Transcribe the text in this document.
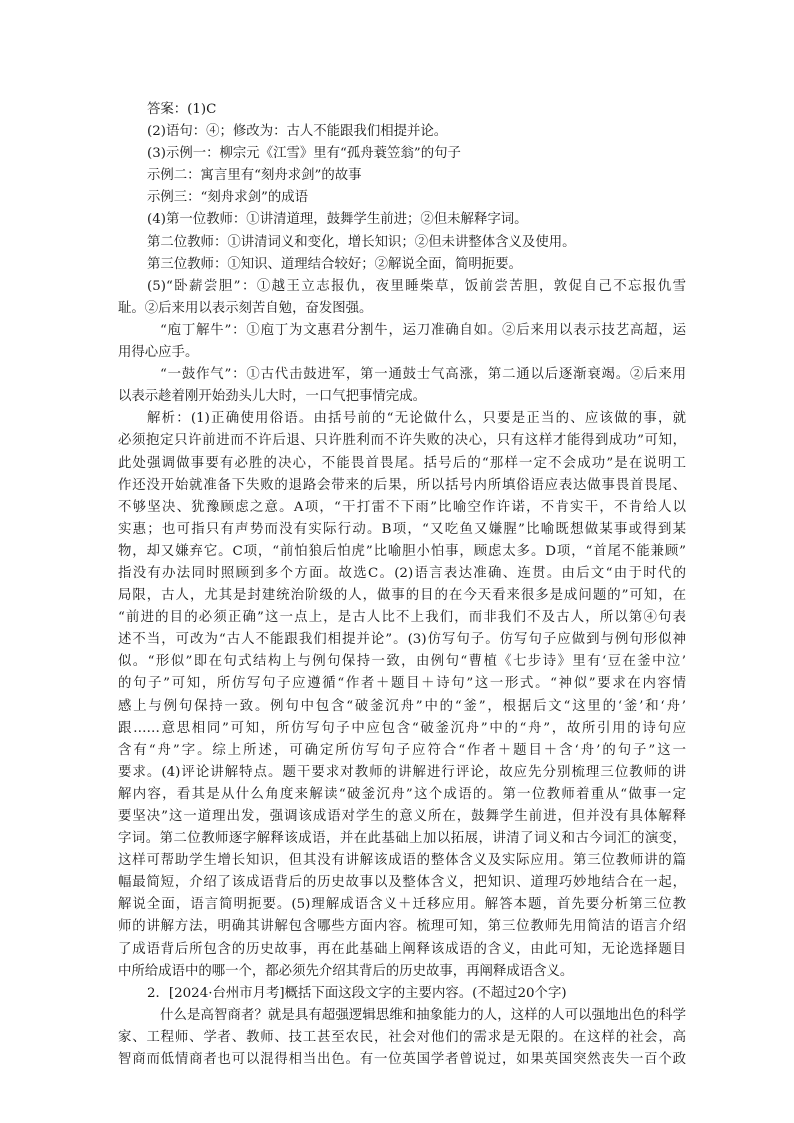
答案：(1)C

(2)语句：④；修改为：古人不能跟我们相提并论。

(3)示例一：柳宗元《江雪》里有“孤舟蓑笠翁”的句子

示例二：寓言里有“刻舟求剑”的故事

示例三：“刻舟求剑”的成语

(4)第一位教师：①讲清道理，鼓舞学生前进；②但未解释字词。

第二位教师：①讲清词义和变化，增长知识；②但未讲整体含义及使用。

第三位教师：①知识、道理结合较好；②解说全面，简明扼要。

(5)“卧薪尝胆”：①越王立志报仇，夜里睡柴草，饭前尝苦胆，敦促自己不忘报仇雪

耻。②后来用以表示刻苦自勉，奋发图强。

“庖丁解牛”：①庖丁为文惠君分割牛，运刀准确自如。②后来用以表示技艺高超，运

用得心应手。

“一鼓作气”：①古代击鼓进军，第一通鼓士气高涨，第二通以后逐渐衰竭。②后来用

以表示趁着刚开始劲头儿大时，一口气把事情完成。

解析：(1)正确使用俗语。由括号前的“无论做什么，只要是正当的、应该做的事，就

必须抱定只许前进而不许后退、只许胜利而不许失败的决心，只有这样才能得到成功”可知，

此处强调做事要有必胜的决心，不能畏首畏尾。括号后的“那样一定不会成功”是在说明工

作还没开始就准备下失败的退路会带来的后果，所以括号内所填俗语应表达做事畏首畏尾、

不够坚决、犹豫顾虑之意。A项，“干打雷不下雨”比喻空作许诺，不肯实干，不肯给人以

实惠；也可指只有声势而没有实际行动。B项，“又吃鱼又嫌腥”比喻既想做某事或得到某

物，却又嫌弃它。C项，“前怕狼后怕虎”比喻胆小怕事，顾虑太多。D项，“首尾不能兼顾”

指没有办法同时照顾到多个方面。故选C。(2)语言表达准确、连贯。由后文“由于时代的

局限，古人，尤其是封建统治阶级的人，做事的目的在今天看来很多是成问题的”可知，在

“前进的目的必须正确”这一点上，是古人比不上我们，而非我们不及古人，所以第④句表

述不当，可改为“古人不能跟我们相提并论”。(3)仿写句子。仿写句子应做到与例句形似神

似。“形似”即在句式结构上与例句保持一致，由例句“曹植《七步诗》里有‘豆在釜中泣’

的句子”可知，所仿写句子应遵循“作者＋题目＋诗句”这一形式。“神似”要求在内容情

感上与例句保持一致。例句中包含“破釜沉舟”中的“釜”，根据后文“这里的‘釜’和‘舟’

跟……意思相同”可知，所仿写句子中应包含“破釜沉舟”中的“舟”，故所引用的诗句应

含有“舟”字。综上所述，可确定所仿写句子应符合“作者＋题目＋含‘舟’的句子”这一

要求。(4)评论讲解特点。题干要求对教师的讲解进行评论，故应先分别梳理三位教师的讲

解内容，看其是从什么角度来解读“破釜沉舟”这个成语的。第一位教师着重从“做事一定

要坚决”这一道理出发，强调该成语对学生的意义所在，鼓舞学生前进，但并没有具体解释

字词。第二位教师逐字解释该成语，并在此基础上加以拓展，讲清了词义和古今词汇的演变，

这样可帮助学生增长知识，但其没有讲解该成语的整体含义及实际应用。第三位教师讲的篇

幅最简短，介绍了该成语背后的历史故事以及整体含义，把知识、道理巧妙地结合在一起，

解说全面，语言简明扼要。(5)理解成语含义＋迁移应用。解答本题，首先要分析第三位教

师的讲解方法，明确其讲解包含哪些方面内容。梳理可知，第三位教师先用简洁的语言介绍

了成语背后所包含的历史故事，再在此基础上阐释该成语的含义，由此可知，无论选择题目

中所给成语中的哪一个，都必须先介绍其背后的历史故事，再阐释成语含义。

2．[2024·台州市月考]概括下面这段文字的主要内容。(不超过20个字)

什么是高智商者？就是具有超强逻辑思维和抽象能力的人，这样的人可以强地出色的科学

家、工程师、学者、教师、技工甚至农民，社会对他们的需求是无限的。在这样的社会，高

智商而低情商者也可以混得相当出色。有一位英国学者曾说过，如果英国突然丧失一百个政
